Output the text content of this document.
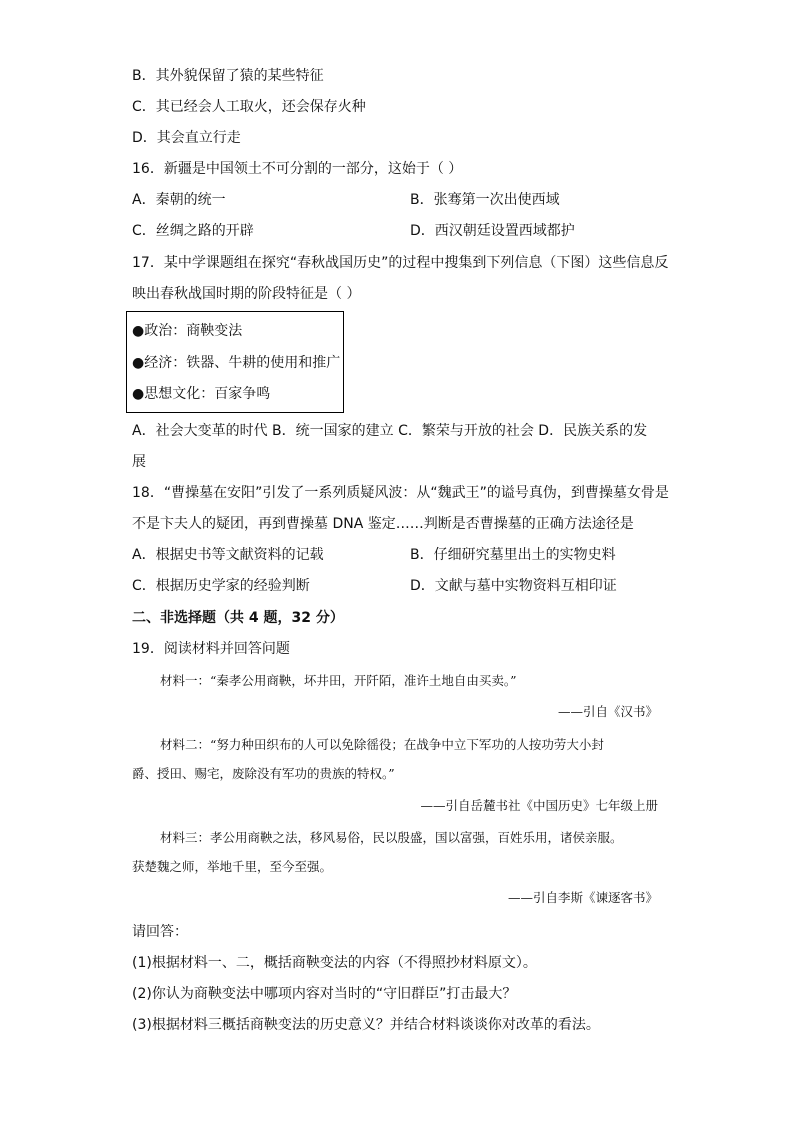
B．其外貌保留了猿的某些特征
C．其已经会人工取火，还会保存火种
D．其会直立行走
16．新疆是中国领土不可分割的一部分，这始于（ ）
A．秦朝的统一	B．张骞第一次出使西域
C．丝绸之路的开辟	D．西汉朝廷设置西域都护
17．某中学课题组在探究“春秋战国历史”的过程中搜集到下列信息（下图）这些信息反
映出春秋战国时期的阶段特征是（ ）
●政治：商鞅变法
●经济：铁器、牛耕的使用和推广
●思想文化：百家争鸣
A．社会大变革的时代 B．统一国家的建立 C．繁荣与开放的社会 D．民族关系的发
展
18．“曹操墓在安阳”引发了一系列质疑风波：从“魏武王”的谥号真伪，到曹操墓女骨是
不是卞夫人的疑团，再到曹操墓 DNA 鉴定……判断是否曹操墓的正确方法途径是
A．根据史书等文献资料的记载	B．仔细研究墓里出土的实物史料
C．根据历史学家的经验判断	D．文献与墓中实物资料互相印证
二、非选择题（共 4 题，32 分）
19．阅读材料并回答问题
材料一：“秦孝公用商鞅，坏井田，开阡陌，准许土地自由买卖。”
——引自《汉书》
材料二：“努力种田织布的人可以免除徭役；在战争中立下军功的人按功劳大小封
爵、授田、赐宅，废除没有军功的贵族的特权。”
——引自岳麓书社《中国历史》七年级上册
材料三：孝公用商鞅之法，移风易俗，民以殷盛，国以富强，百姓乐用，诸侯亲服。
获楚魏之师，举地千里，至今至强。
——引自李斯《谏逐客书》
请回答：
(1)根据材料一、二，概括商鞅变法的内容（不得照抄材料原文）。
(2)你认为商鞅变法中哪项内容对当时的“守旧群臣”打击最大？
(3)根据材料三概括商鞅变法的历史意义？并结合材料谈谈你对改革的看法。
